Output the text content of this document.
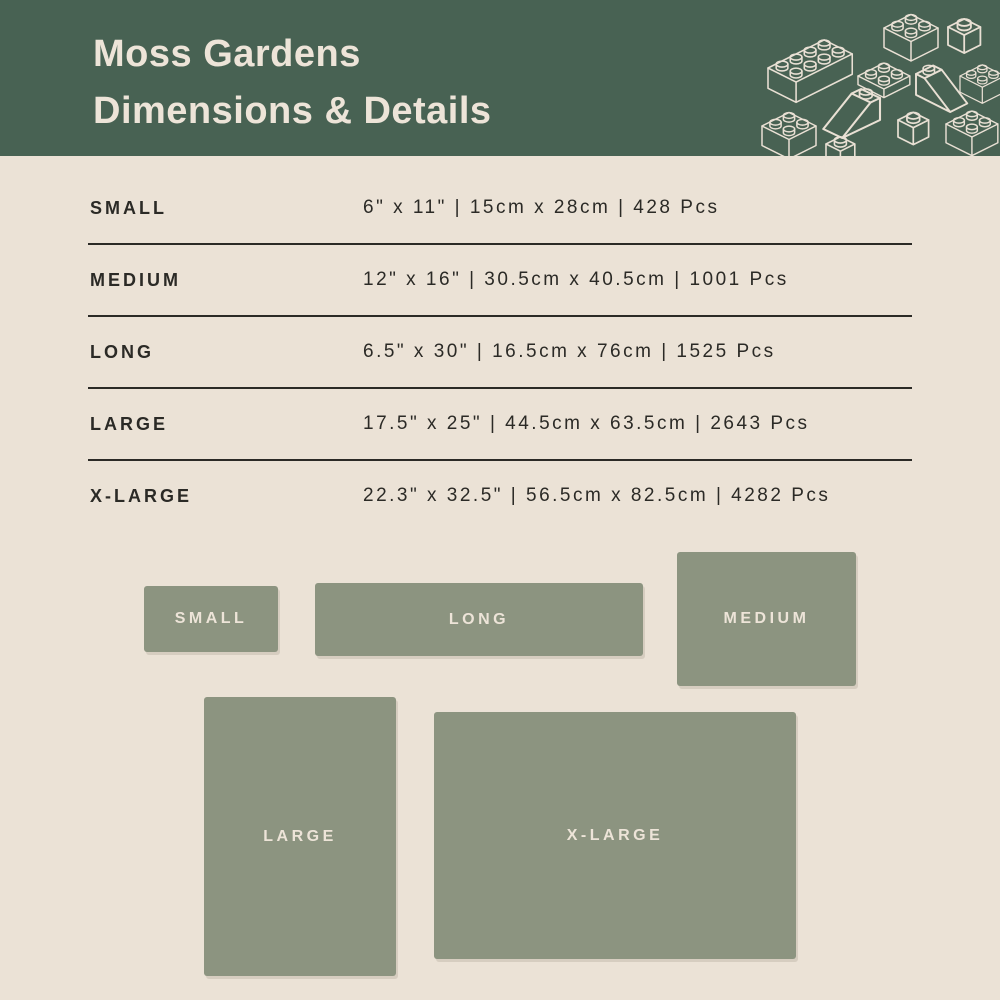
Moss Gardens
Dimensions & Details
SMALL	6" x 11" | 15cm x 28cm | 428 Pcs
MEDIUM	12" x 16" | 30.5cm x 40.5cm | 1001 Pcs
LONG	6.5" x 30" | 16.5cm x 76cm | 1525 Pcs
LARGE	17.5" x 25" | 44.5cm x 63.5cm | 2643 Pcs
X-LARGE	22.3" x 32.5" | 56.5cm x 82.5cm | 4282 Pcs
SMALL	LONG	MEDIUM
LARGE	X-LARGE
